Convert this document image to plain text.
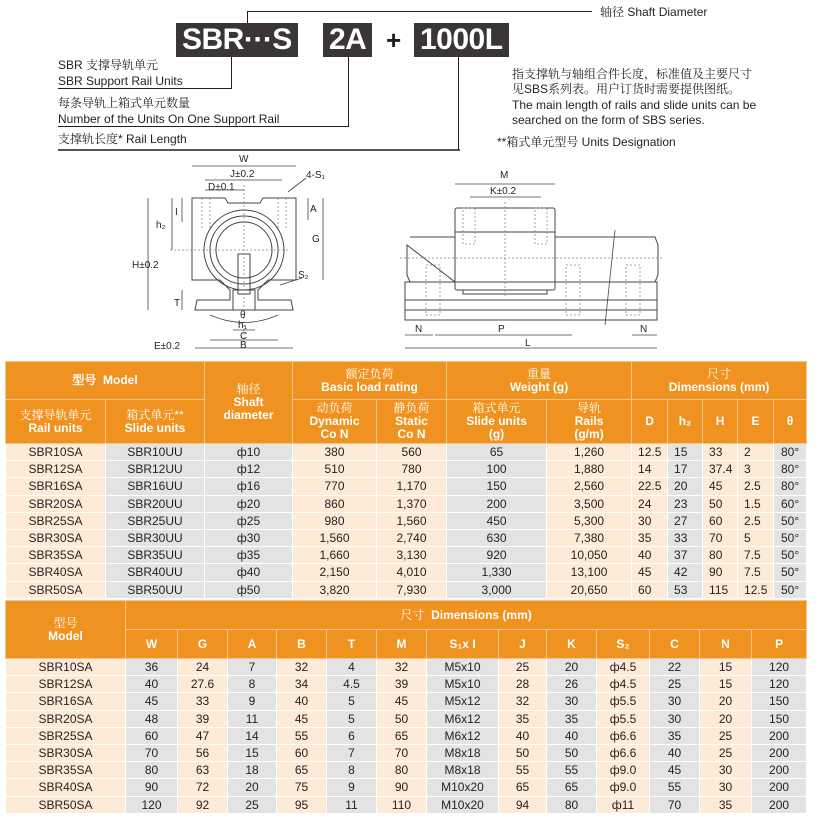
SBR···S 2A + 1000L
轴径 Shaft Diameter
SBR 支撑导轨单元
SBR Support Rail Units
每条导轨上箱式单元数量
Number of the Units On One Support Rail
支撑轨长度* Rail Length
指支撑轨与轴组合件长度，标准值及主要尺寸
见SBS系列表。用户订货时需要提供图纸。
The main length of rails and slide units can be
searched on the form of SBS series.
**箱式单元型号 Units Designation
W
J±0.2
D±0.1
4-S₁
A
G
I
h₂
H±0.2
S₂
T
θ
h₁
C
B
E±0.2
M
K±0.2
N	P	N
L
型号 Model		轴径
Shaft
diameter	额定负荷
Basic load rating		重量
Weight (g)		尺寸
Dimensions (mm)				

支撑导轨单元
Rail units	箱式单元**
Slide units		动负荷
Dynamic
Co N	静负荷
Static
Co N	箱式单元
Slide units
(g)	导轨
Rails
(g/m)	D	h₂	H	E	θ
SBR10SA	SBR10UU	ф10	380	560	65	1,260	12.5	15	33	2	80°
SBR12SA	SBR12UU	ф12	510	780	100	1,880	14	17	37.4	3	80°
SBR16SA	SBR16UU	ф16	770	1,170	150	2,560	22.5	20	45	2.5	80°
SBR20SA	SBR20UU	ф20	860	1,370	200	3,500	24	23	50	1.5	60°
SBR25SA	SBR25UU	ф25	980	1,560	450	5,300	30	27	60	2.5	50°
SBR30SA	SBR30UU	ф30	1,560	2,740	630	7,380	35	33	70	5	50°
SBR35SA	SBR35UU	ф35	1,660	3,130	920	10,050	40	37	80	7.5	50°
SBR40SA	SBR40UU	ф40	2,150	4,010	1,330	13,100	45	42	90	7.5	50°
SBR50SA	SBR50UU	ф50	3,820	7,930	3,000	20,650	60	53	115	12.5	50°
型号
Model	尺寸 Dimensions (mm)												
	W	G	A	B	T	M	S₁x I	J	K	S₂	C	N	P
SBR10SA	36	24	7	32	4	32	M5x10	25	20	ф4.5	22	15	120
SBR12SA	40	27.6	8	34	4.5	39	M5x10	28	26	ф4.5	25	15	120
SBR16SA	45	33	9	40	5	45	M5x12	32	30	ф5.5	30	20	150
SBR20SA	48	39	11	45	5	50	M6x12	35	35	ф5.5	30	20	150
SBR25SA	60	47	14	55	6	65	M6x12	40	40	ф6.6	35	25	200
SBR30SA	70	56	15	60	7	70	M8x18	50	50	ф6.6	40	25	200
SBR35SA	80	63	18	65	8	80	M8x18	55	55	ф9.0	45	30	200
SBR40SA	90	72	20	75	9	90	M10x20	65	65	ф9.0	55	30	200
SBR50SA	120	92	25	95	11	110	M10x20	94	80	ф11	70	35	200
